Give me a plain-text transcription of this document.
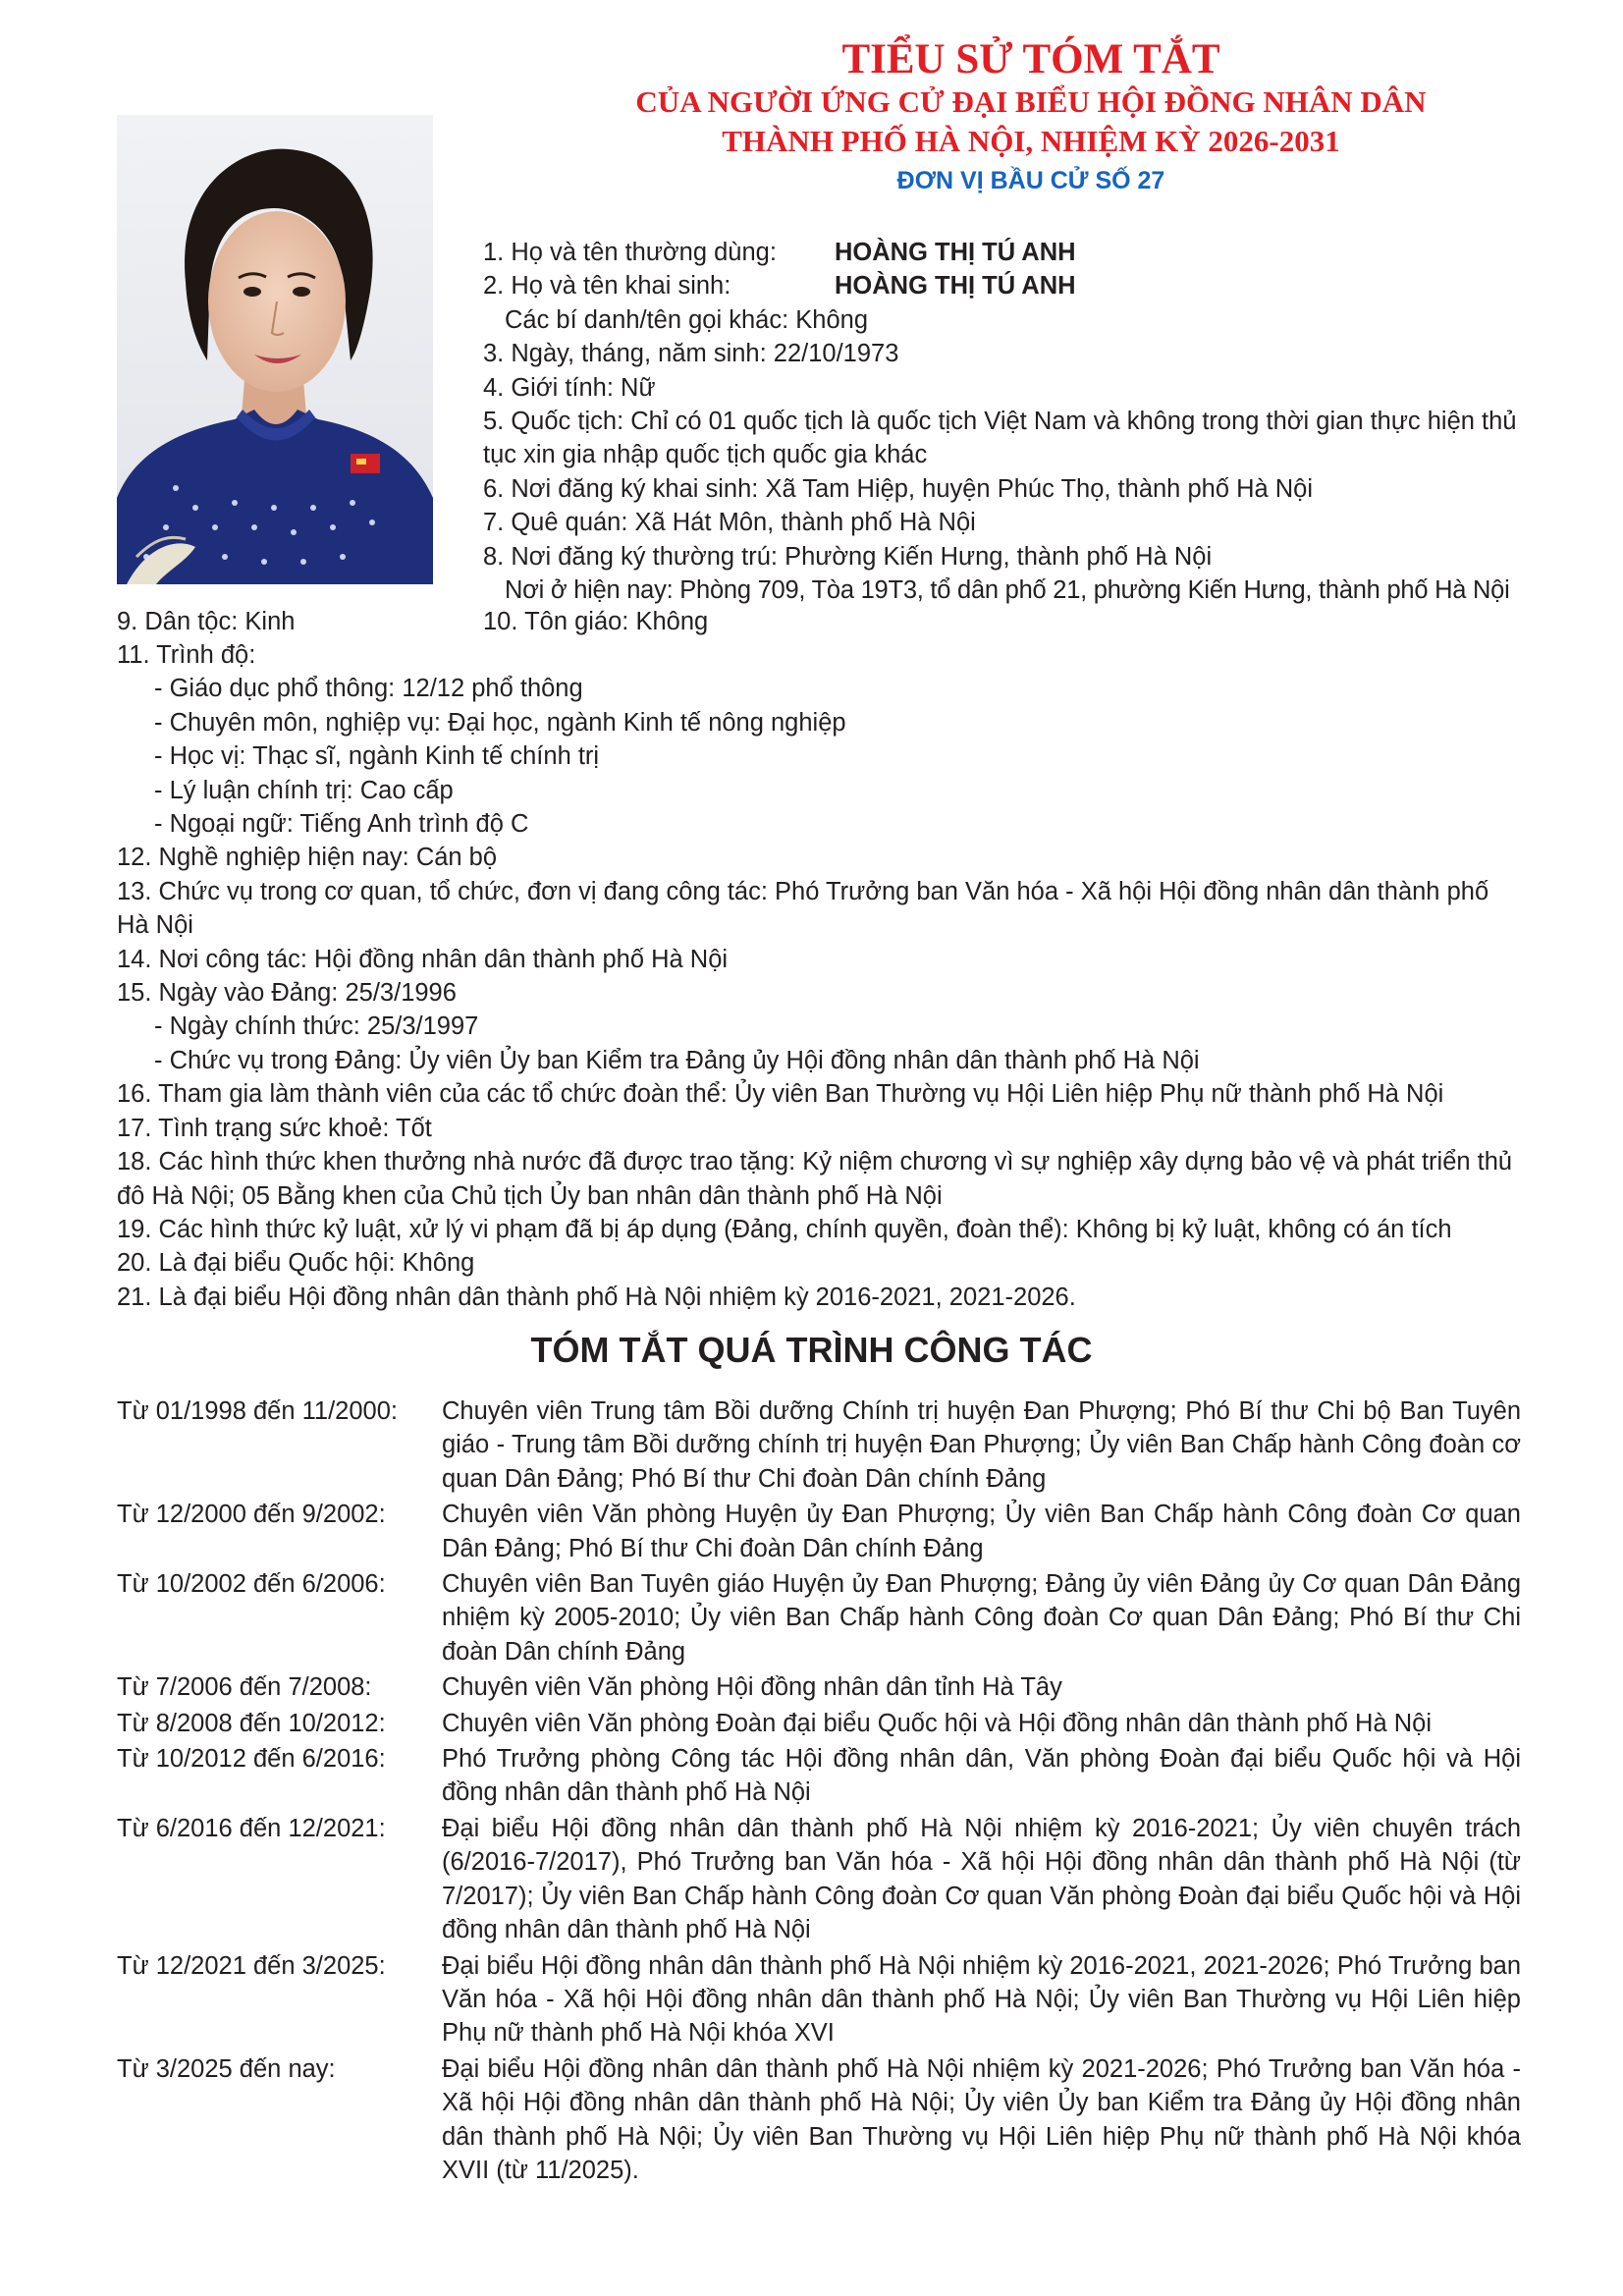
TIỂU SỬ TÓM TẮT
CỦA NGƯỜI ỨNG CỬ ĐẠI BIỂU HỘI ĐỒNG NHÂN DÂN
THÀNH PHỐ HÀ NỘI, NHIỆM KỲ 2026-2031
ĐƠN VỊ BẦU CỬ SỐ 27
1. Họ và tên thường dùng: HOÀNG THỊ TÚ ANH
2. Họ và tên khai sinh:	HOÀNG THỊ TÚ ANH
Các bí danh/tên gọi khác: Không
3. Ngày, tháng, năm sinh: 22/10/1973
4. Giới tính: Nữ
5. Quốc tịch: Chỉ có 01 quốc tịch là quốc tịch Việt Nam và không trong thời gian thực hiện thủ tục xin gia nhập quốc tịch quốc gia khác
6. Nơi đăng ký khai sinh: Xã Tam Hiệp, huyện Phúc Thọ, thành phố Hà Nội
7. Quê quán: Xã Hát Môn, thành phố Hà Nội
8. Nơi đăng ký thường trú: Phường Kiến Hưng, thành phố Hà Nội
Nơi ở hiện nay: Phòng 709, Tòa 19T3, tổ dân phố 21, phường Kiến Hưng, thành phố Hà Nội
9. Dân tộc: Kinh	10. Tôn giáo: Không
11. Trình độ:
- Giáo dục phổ thông: 12/12 phổ thông
- Chuyên môn, nghiệp vụ: Đại học, ngành Kinh tế nông nghiệp
- Học vị: Thạc sĩ, ngành Kinh tế chính trị
- Lý luận chính trị: Cao cấp
- Ngoại ngữ: Tiếng Anh trình độ C
12. Nghề nghiệp hiện nay: Cán bộ
13. Chức vụ trong cơ quan, tổ chức, đơn vị đang công tác: Phó Trưởng ban Văn hóa - Xã hội Hội đồng nhân dân thành phố Hà Nội
14. Nơi công tác: Hội đồng nhân dân thành phố Hà Nội
15. Ngày vào Đảng: 25/3/1996
- Ngày chính thức: 25/3/1997
- Chức vụ trong Đảng: Ủy viên Ủy ban Kiểm tra Đảng ủy Hội đồng nhân dân thành phố Hà Nội
16. Tham gia làm thành viên của các tổ chức đoàn thể: Ủy viên Ban Thường vụ Hội Liên hiệp Phụ nữ thành phố Hà Nội
17. Tình trạng sức khoẻ: Tốt
18. Các hình thức khen thưởng nhà nước đã được trao tặng: Kỷ niệm chương vì sự nghiệp xây dựng bảo vệ và phát triển thủ đô Hà Nội; 05 Bằng khen của Chủ tịch Ủy ban nhân dân thành phố Hà Nội
19. Các hình thức kỷ luật, xử lý vi phạm đã bị áp dụng (Đảng, chính quyền, đoàn thể): Không bị kỷ luật, không có án tích
20. Là đại biểu Quốc hội: Không
21. Là đại biểu Hội đồng nhân dân thành phố Hà Nội nhiệm kỳ 2016-2021, 2021-2026.
TÓM TẮT QUÁ TRÌNH CÔNG TÁC
Từ 01/1998 đến 11/2000:	Chuyên viên Trung tâm Bồi dưỡng Chính trị huyện Đan Phượng; Phó Bí thư Chi bộ Ban Tuyên giáo - Trung tâm Bồi dưỡng chính trị huyện Đan Phượng; Ủy viên Ban Chấp hành Công đoàn cơ quan Dân Đảng; Phó Bí thư Chi đoàn Dân chính Đảng
Từ 12/2000 đến 9/2002:	Chuyên viên Văn phòng Huyện ủy Đan Phượng; Ủy viên Ban Chấp hành Công đoàn Cơ quan Dân Đảng; Phó Bí thư Chi đoàn Dân chính Đảng
Từ 10/2002 đến 6/2006:	Chuyên viên Ban Tuyên giáo Huyện ủy Đan Phượng; Đảng ủy viên Đảng ủy Cơ quan Dân Đảng nhiệm kỳ 2005-2010; Ủy viên Ban Chấp hành Công đoàn Cơ quan Dân Đảng; Phó Bí thư Chi đoàn Dân chính Đảng
Từ 7/2006 đến 7/2008:	Chuyên viên Văn phòng Hội đồng nhân dân tỉnh Hà Tây
Từ 8/2008 đến 10/2012:	Chuyên viên Văn phòng Đoàn đại biểu Quốc hội và Hội đồng nhân dân thành phố Hà Nội
Từ 10/2012 đến 6/2016:	Phó Trưởng phòng Công tác Hội đồng nhân dân, Văn phòng Đoàn đại biểu Quốc hội và Hội đồng nhân dân thành phố Hà Nội
Từ 6/2016 đến 12/2021:	Đại biểu Hội đồng nhân dân thành phố Hà Nội nhiệm kỳ 2016-2021; Ủy viên chuyên trách (6/2016-7/2017), Phó Trưởng ban Văn hóa - Xã hội Hội đồng nhân dân thành phố Hà Nội (từ 7/2017); Ủy viên Ban Chấp hành Công đoàn Cơ quan Văn phòng Đoàn đại biểu Quốc hội và Hội đồng nhân dân thành phố Hà Nội
Từ 12/2021 đến 3/2025:	Đại biểu Hội đồng nhân dân thành phố Hà Nội nhiệm kỳ 2016-2021, 2021-2026; Phó Trưởng ban Văn hóa - Xã hội Hội đồng nhân dân thành phố Hà Nội; Ủy viên Ban Thường vụ Hội Liên hiệp Phụ nữ thành phố Hà Nội khóa XVI
Từ 3/2025 đến nay:	Đại biểu Hội đồng nhân dân thành phố Hà Nội nhiệm kỳ 2021-2026; Phó Trưởng ban Văn hóa - Xã hội Hội đồng nhân dân thành phố Hà Nội; Ủy viên Ủy ban Kiểm tra Đảng ủy Hội đồng nhân dân thành phố Hà Nội; Ủy viên Ban Thường vụ Hội Liên hiệp Phụ nữ thành phố Hà Nội khóa XVII (từ 11/2025).
